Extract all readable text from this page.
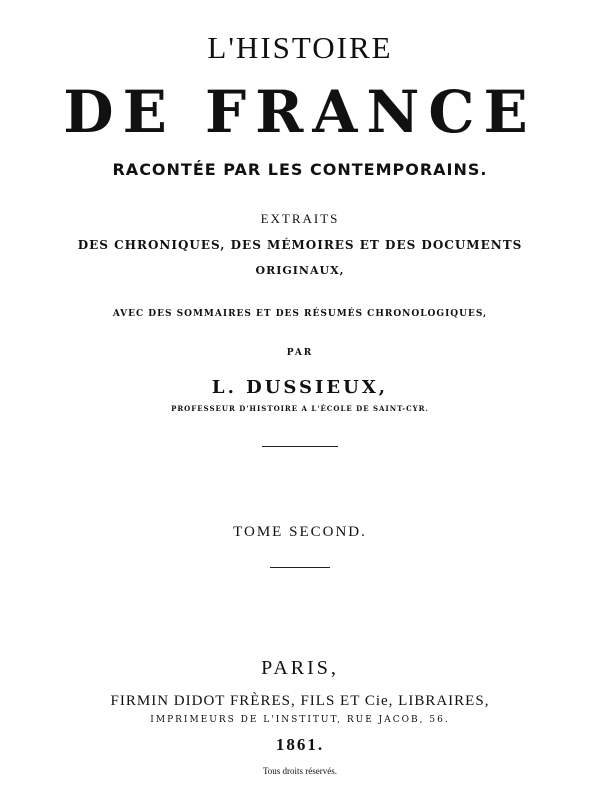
L'HISTOIRE
DE FRANCE
RACONTÉE PAR LES CONTEMPORAINS.
EXTRAITS
DES CHRONIQUES, DES MÉMOIRES ET DES DOCUMENTS
ORIGINAUX,
AVEC DES SOMMAIRES ET DES RÉSUMÉS CHRONOLOGIQUES,
PAR
L. DUSSIEUX,
PROFESSEUR D'HISTOIRE A L'ÉCOLE DE SAINT-CYR.
TOME SECOND.
PARIS,
FIRMIN DIDOT FRÈRES, FILS ET Cie, LIBRAIRES,
IMPRIMEURS DE L'INSTITUT, RUE JACOB, 56.
1861.
Tous droits réservés.
